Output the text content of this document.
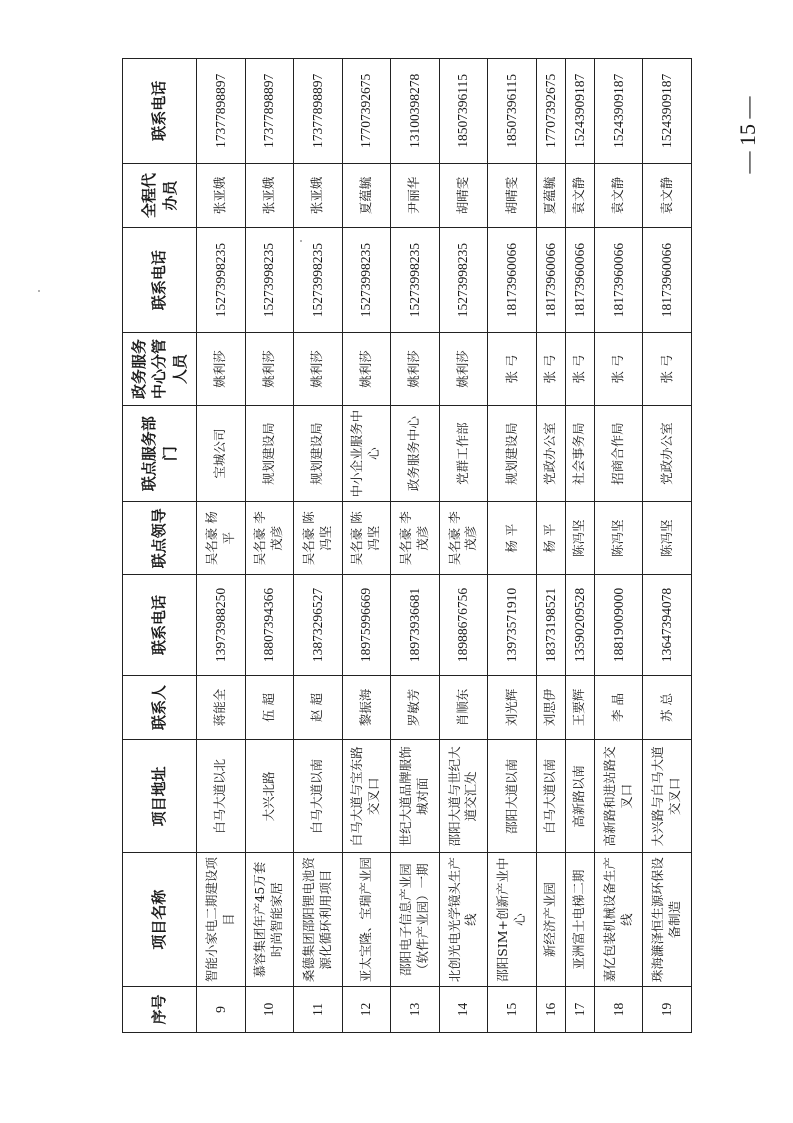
序号	项目名称	项目地址	联系人	联系电话	联点领导	联点服务部门	政务服务中心分管人员	联系电话	全程代办员	联系电话
9	智能小家电二期建设项目	白马大道以北	蒋能全	13973988250	吴名豪 杨 平	宝城公司	姚利莎	15273998235	张亚娥	17377898897
10	慕容集团年产45万套时尚智能家居	大兴北路	伍 超	18807394366	吴名豪 李茂彦	规划建设局	姚利莎	15273998235	张亚娥	17377898897
11	桑德集团邵阳锂电池资源化循环利用项目	白马大道以南	赵 超	13873296527	吴名豪 陈冯坚	规划建设局	姚利莎	15273998235	张亚娥	17377898897
12	亚太宝隆、宝瑞产业园	白马大道与宝东路交叉口	黎振海	18975996669	吴名豪 陈冯坚	中小企业服务中心	姚利莎	15273998235	夏蕴毓	17707392675
13	邵阳电子信息产业园（软件产业园）一期	世纪大道品牌服饰城对面	罗敏芳	18973936681	吴名豪 李茂彦	政务服务中心	姚利莎	15273998235	尹丽华	13100398278
14	北创光电光学镜头生产线	邵阳大道与世纪大道交汇处	肖顺东	18988676756	吴名豪 李茂彦	党群工作部	姚利莎	15273998235	胡晴雯	18507396115
15	邵阳SIM+创新产业中心	邵阳大道以南	刘光辉	13973571910	杨 平	规划建设局	张 弓	18173960066	胡晴雯	18507396115
16	新经济产业园	白马大道以南	刘思伊	18373198521	杨 平	党政办公室	张 弓	18173960066	夏蕴毓	17707392675
17	亚洲富士电梯二期	高新路以南	王要辉	13590209528	陈冯坚	社会事务局	张 弓	18173960066	袁文静	15243909187
18	嘉亿包装机械设备生产线	高新路和进站路交叉口	李 晶	18819009000	陈冯坚	招商合作局	张 弓	18173960066	袁文静	15243909187
19	珠海濂泽恒生源环保设备制造	大兴路与白马大道交叉口	苏 总	13647394078	陈冯坚	党政办公室	张 弓	18173960066	袁文静	15243909187	— 15 —
